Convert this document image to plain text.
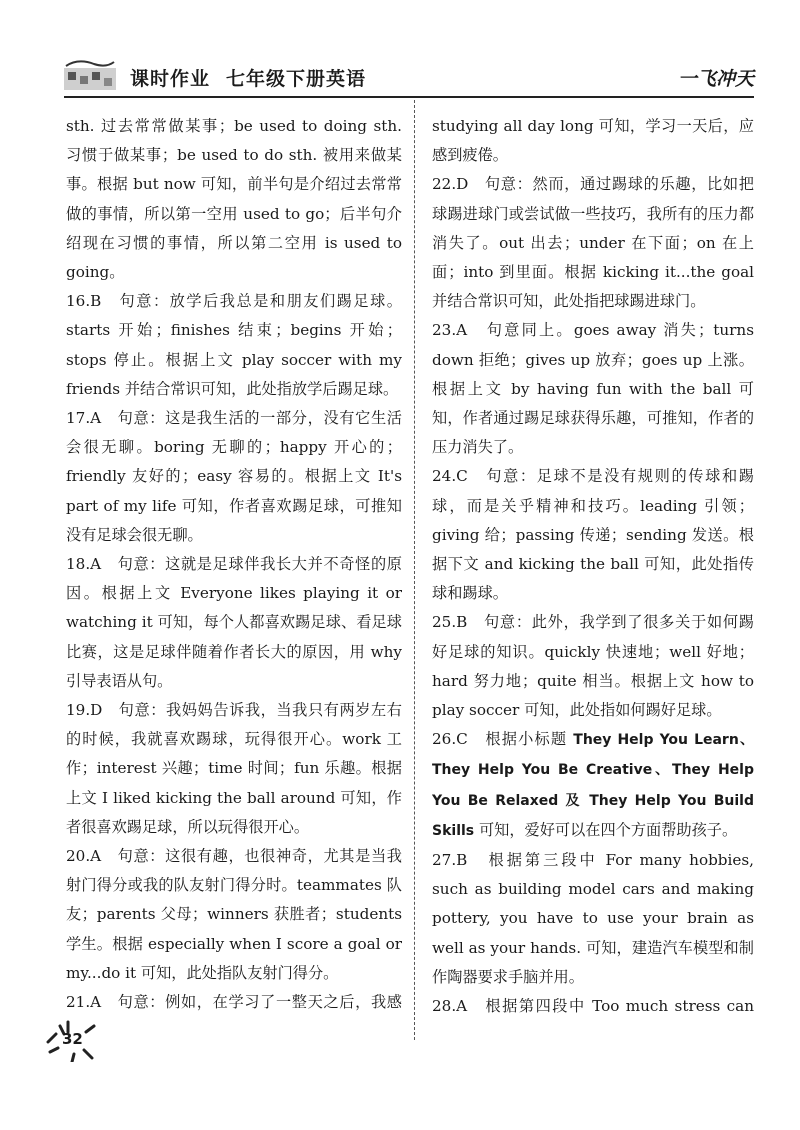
课时作业 七年级下册英语	一飞冲天

sth. 过去常常做某事；be used to doing sth. 习惯于做某事；be used to do sth. 被用来做某事。根据 but now 可知，前半句是介绍过去常常做的事情，所以第一空用 used to go；后半句介绍现在习惯的事情，所以第二空用 is used to going。

16.B　句意：放学后我总是和朋友们踢足球。starts 开始；finishes 结束；begins 开始；stops 停止。根据上文 play soccer with my friends 并结合常识可知，此处指放学后踢足球。

17.A　句意：这是我生活的一部分，没有它生活会很无聊。boring 无聊的；happy 开心的；friendly 友好的；easy 容易的。根据上文 It's part of my life 可知，作者喜欢踢足球，可推知没有足球会很无聊。

18.A　句意：这就是足球伴我长大并不奇怪的原因。根据上文 Everyone likes playing it or watching it 可知，每个人都喜欢踢足球、看足球比赛，这是足球伴随着作者长大的原因，用 why 引导表语从句。

19.D　句意：我妈妈告诉我，当我只有两岁左右的时候，我就喜欢踢球，玩得很开心。work 工作；interest 兴趣；time 时间；fun 乐趣。根据上文 I liked kicking the ball around 可知，作者很喜欢踢足球，所以玩得很开心。

20.A　句意：这很有趣，也很神奇，尤其是当我射门得分或我的队友射门得分时。teammates 队友；parents 父母；winners 获胜者；students 学生。根据 especially when I score a goal or my...do it 可知，此处指队友射门得分。

21.A　句意：例如，在学习了一整天之后，我感

studying all day long 可知，学习一天后，应感到疲倦。

22.D　句意：然而，通过踢球的乐趣，比如把球踢进球门或尝试做一些技巧，我所有的压力都消失了。out 出去；under 在下面；on 在上面；into 到里面。根据 kicking it...the goal 并结合常识可知，此处指把球踢进球门。

23.A　句意同上。goes away 消失；turns down 拒绝；gives up 放弃；goes up 上涨。根据上文 by having fun with the ball 可知，作者通过踢足球获得乐趣，可推知，作者的压力消失了。

24.C　句意：足球不是没有规则的传球和踢球，而是关乎精神和技巧。leading 引领；giving 给；passing 传递；sending 发送。根据下文 and kicking the ball 可知，此处指传球和踢球。

25.B　句意：此外，我学到了很多关于如何踢好足球的知识。quickly 快速地；well 好地；hard 努力地；quite 相当。根据上文 how to play soccer 可知，此处指如何踢好足球。

26.C　根据小标题 They Help You Learn、They Help You Be Creative、They Help You Be Relaxed 及 They Help You Build Skills 可知，爱好可以在四个方面帮助孩子。

27.B　根据第三段中 For many hobbies, such as building model cars and making pottery, you have to use your brain as well as your hands. 可知，建造汽车模型和制作陶器要求手脑并用。

28.A　根据第四段中 Too much stress can

32
